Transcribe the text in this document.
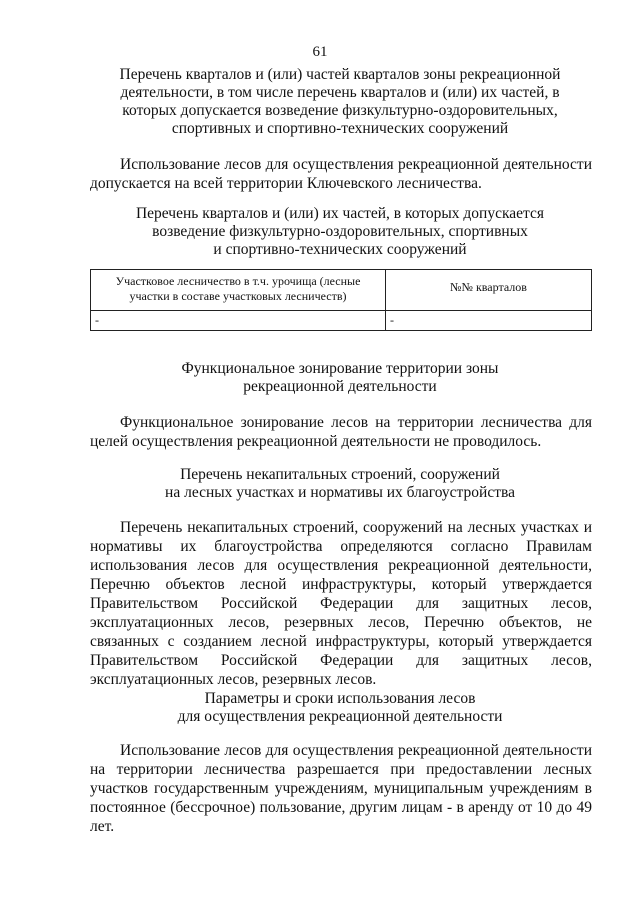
61
Перечень кварталов и (или) частей кварталов зоны рекреационной
деятельности, в том числе перечень кварталов и (или) их частей, в
которых допускается возведение физкультурно-оздоровительных,
спортивных и спортивно-технических сооружений
Использование лесов для осуществления рекреационной деятельности допускается на всей территории Ключевского лесничества.
Перечень кварталов и (или) их частей, в которых допускается
возведение физкультурно-оздоровительных, спортивных
и спортивно-технических сооружений
Участковое лесничество в т.ч. урочища (лесные участки в составе участковых лесничеств)	№№ кварталов
-	-
Функциональное зонирование территории зоны
рекреационной деятельности
Функциональное зонирование лесов на территории лесничества для целей осуществления рекреационной деятельности не проводилось.
Перечень некапитальных строений, сооружений
на лесных участках и нормативы их благоустройства
Перечень некапитальных строений, сооружений на лесных участках и нормативы их благоустройства определяются согласно Правилам использования лесов для осуществления рекреационной деятельности, Перечню объектов лесной инфраструктуры, который утверждается Правительством Российской Федерации для защитных лесов, эксплуатационных лесов, резервных лесов, Перечню объектов, не связанных с созданием лесной инфраструктуры, который утверждается Правительством Российской Федерации для защитных лесов, эксплуатационных лесов, резервных лесов.
Параметры и сроки использования лесов
для осуществления рекреационной деятельности
Использование лесов для осуществления рекреационной деятельности на территории лесничества разрешается при предоставлении лесных участков государственным учреждениям, муниципальным учреждениям в постоянное (бессрочное) пользование, другим лицам - в аренду от 10 до 49 лет.
